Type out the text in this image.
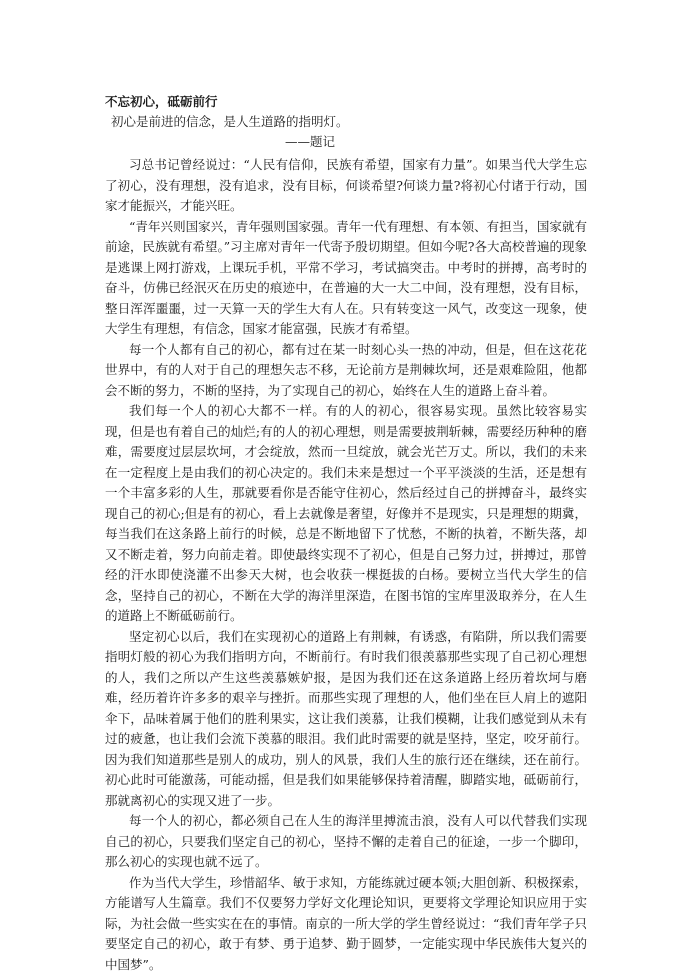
不忘初心，砥砺前行
初心是前进的信念，是人生道路的指明灯。
——题记

习总书记曾经说过：“人民有信仰，民族有希望，国家有力量”。如果当代大学生忘了初心，没有理想，没有追求，没有目标，何谈希望?何谈力量?将初心付诸于行动，国家才能振兴，才能兴旺。

“青年兴则国家兴，青年强则国家强。青年一代有理想、有本领、有担当，国家就有前途，民族就有希望。”习主席对青年一代寄予殷切期望。但如今呢?各大高校普遍的现象是逃课上网打游戏，上课玩手机，平常不学习，考试搞突击。中考时的拼搏，高考时的奋斗，仿佛已经泯灭在历史的痕迹中，在普遍的大一大二中间，没有理想，没有目标，整日浑浑噩噩，过一天算一天的学生大有人在。只有转变这一风气，改变这一现象，使大学生有理想，有信念，国家才能富强，民族才有希望。

每一个人都有自己的初心，都有过在某一时刻心头一热的冲动，但是，但在这花花世界中，有的人对于自己的理想矢志不移，无论前方是荆棘坎坷，还是艰难险阻，他都会不断的努力，不断的坚持，为了实现自己的初心，始终在人生的道路上奋斗着。

我们每一个人的初心大都不一样。有的人的初心，很容易实现。虽然比较容易实现，但是也有着自己的灿烂;有的人的初心理想，则是需要披荆斩棘，需要经历种种的磨难，需要度过层层坎坷，才会绽放，然而一旦绽放，就会光芒万丈。所以，我们的未来在一定程度上是由我们的初心决定的。我们未来是想过一个平平淡淡的生活，还是想有一个丰富多彩的人生，那就要看你是否能守住初心，然后经过自己的拼搏奋斗，最终实现自己的初心;但是有的初心，看上去就像是奢望，好像并不是现实，只是理想的期冀，每当我们在这条路上前行的时候，总是不断地留下了忧愁，不断的执着，不断失落，却又不断走着，努力向前走着。即使最终实现不了初心，但是自己努力过，拼搏过，那曾经的汗水即使浇灌不出参天大树，也会收获一棵挺拔的白杨。要树立当代大学生的信念，坚持自己的初心，不断在大学的海洋里深造，在图书馆的宝库里汲取养分，在人生的道路上不断砥砺前行。

坚定初心以后，我们在实现初心的道路上有荆棘，有诱惑，有陷阱，所以我们需要指明灯般的初心为我们指明方向，不断前行。有时我们很羡慕那些实现了自己初心理想的人，我们之所以产生这些羡慕嫉妒报，是因为我们还在这条道路上经历着坎坷与磨难，经历着许许多多的艰辛与挫折。而那些实现了理想的人，他们坐在巨人肩上的遮阳伞下，品味着属于他们的胜利果实，这让我们羡慕，让我们模糊，让我们感觉到从未有过的疲惫，也让我们会流下羡慕的眼泪。我们此时需要的就是坚持，坚定，咬牙前行。因为我们知道那些是别人的成功，别人的风景，我们人生的旅行还在继续，还在前行。初心此时可能激荡，可能动摇，但是我们如果能够保持着清醒，脚踏实地，砥砺前行，那就离初心的实现又进了一步。

每一个人的初心，都必须自己在人生的海洋里搏流击浪，没有人可以代替我们实现自己的初心，只要我们坚定自己的初心，坚持不懈的走着自己的征途，一步一个脚印，那么初心的实现也就不远了。

作为当代大学生，珍惜韶华、敏于求知，方能练就过硬本领;大胆创新、积极探索，方能谱写人生篇章。我们不仅要努力学好文化理论知识，更要将文学理论知识应用于实际，为社会做一些实实在在的事情。南京的一所大学的学生曾经说过：“我们青年学子只要坚定自己的初心，敢于有梦、勇于追梦、勤于圆梦，一定能实现中华民族伟大复兴的中国梦”。
